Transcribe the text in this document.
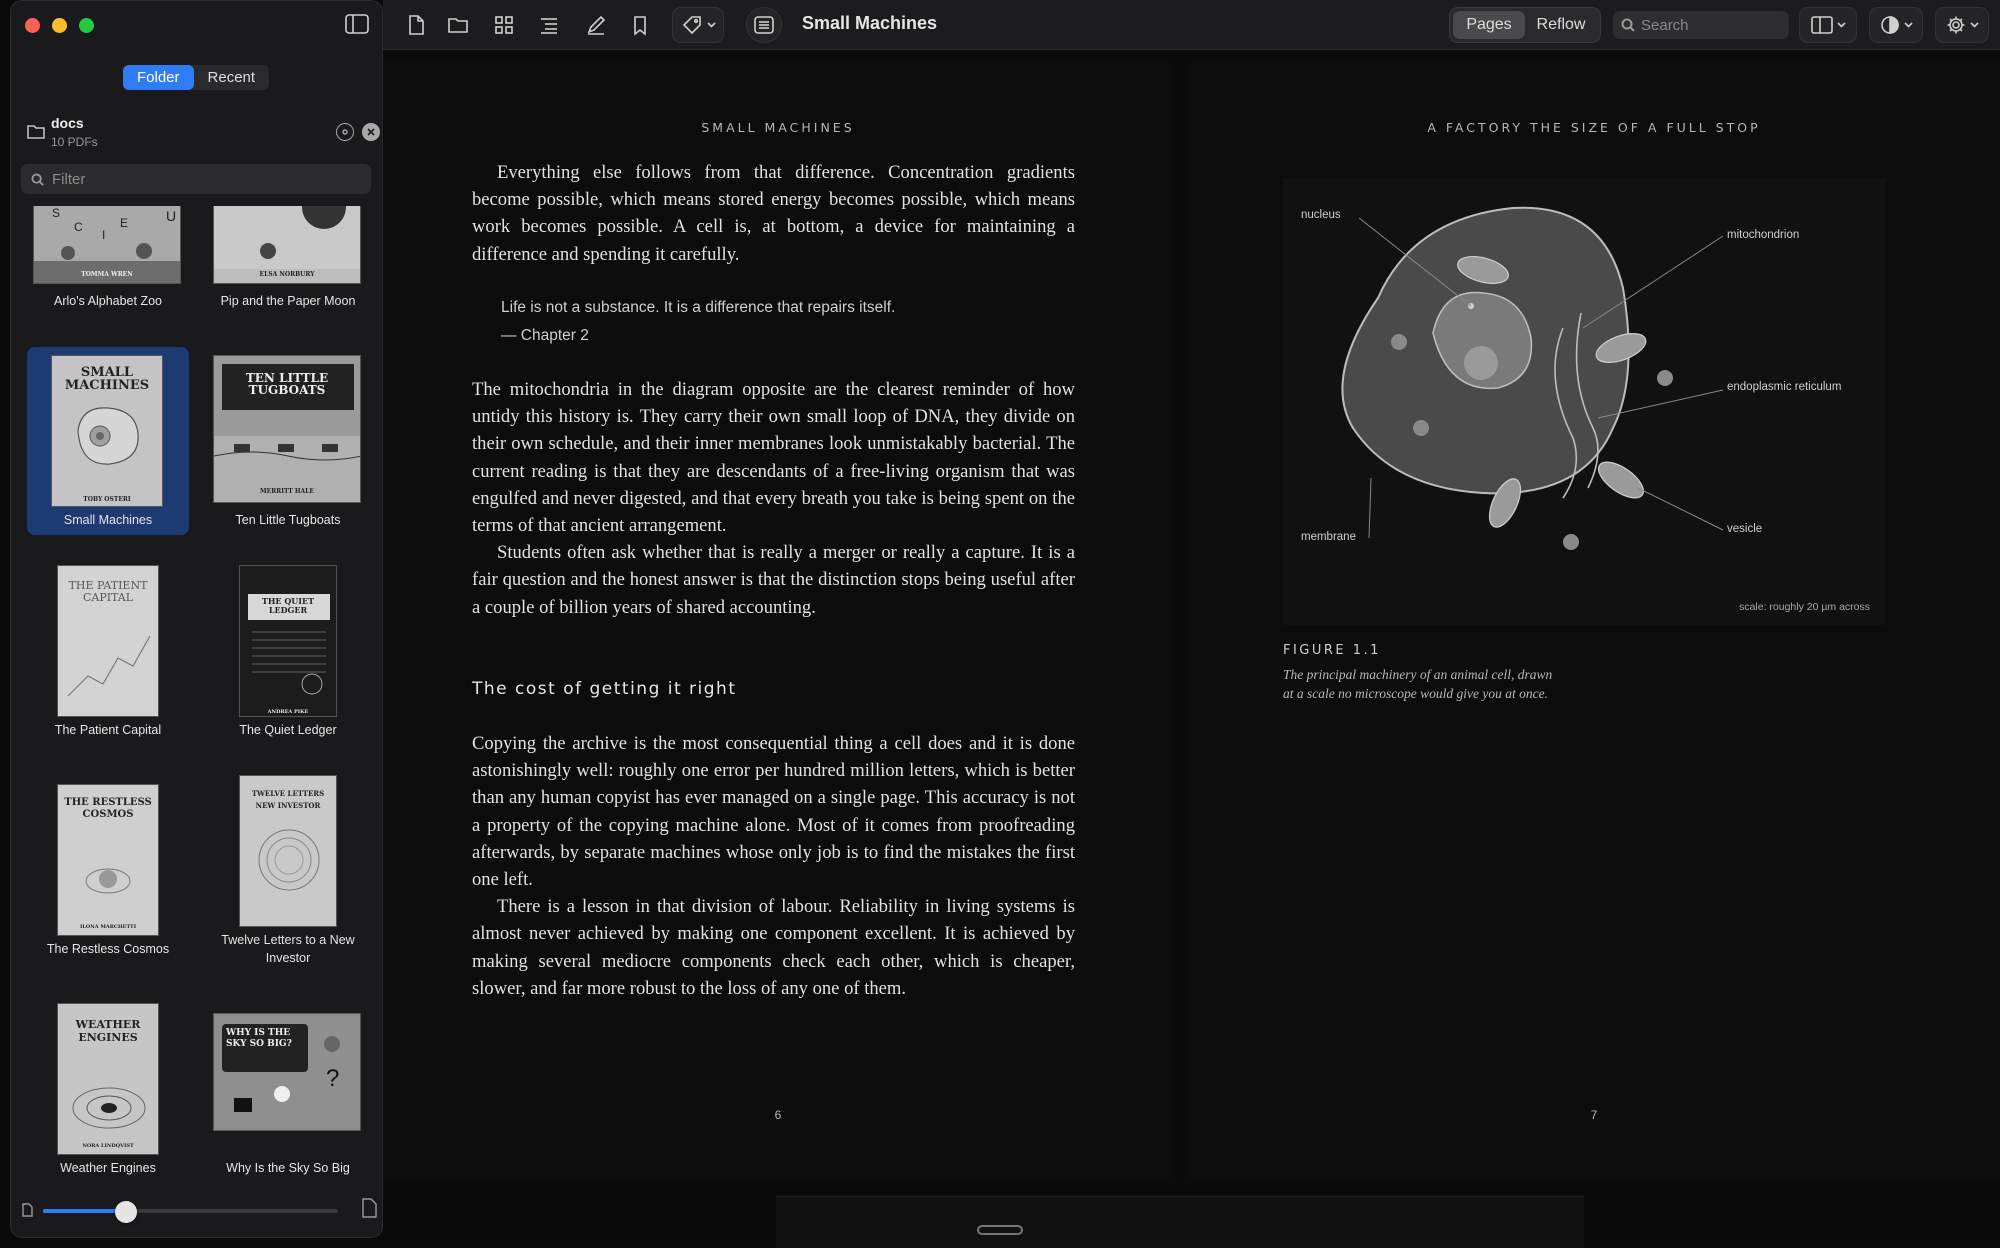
Folder	Recent
docs
10 PDFs
Filter
S
C
I
E	U
TOMMA WREN
Arlo's Alphabet Zoo
ELSA NORBURY
Pip and the Paper Moon
SMALL MACHINES
TOBY OSTERI
Small Machines
TEN LITTLE TUGBOATS
MERRITT HALE
Ten Little Tugboats
THE PATIENT CAPITAL
The Patient Capital
THE QUIET LEDGER
ANDREA PIKE
The Quiet Ledger
THE RESTLESS COSMOS
ILONA MARCHETTI
The Restless Cosmos
TWELVE LETTERS NEW INVESTOR
Twelve Letters to a New Investor
WEATHER ENGINES
NORA LINDQVIST
Weather Engines
WHY IS THE SKY SO BIG?
?
Why Is the Sky So Big
Small Machines	Pages	Reflow
Search
SMALL MACHINES

Everything else follows from that difference. Concentration gradients become possible, which means stored energy becomes possible, which means work becomes possible. A cell is, at bottom, a device for maintaining a difference and spending it carefully.

Life is not a substance. It is a difference that repairs itself.
— Chapter 2

The mitochondria in the diagram opposite are the clearest reminder of how untidy this history is. They carry their own small loop of DNA, they divide on their own schedule, and their inner membranes look unmistakably bacterial. The current reading is that they are descendants of a free-living organism that was engulfed and never digested, and that every breath you take is being spent on the terms of that ancient arrangement.

Students often ask whether that is really a merger or really a capture. It is a fair question and the honest answer is that the distinction stops being useful after a couple of billion years of shared accounting.

The cost of getting it right

Copying the archive is the most consequential thing a cell does and it is done astonishingly well: roughly one error per hundred million letters, which is better than any human copyist has ever managed on a single page. This accuracy is not a property of the copying machine alone. Most of it comes from proofreading afterwards, by separate machines whose only job is to find the mistakes the first one left.

There is a lesson in that division of labour. Reliability in living systems is almost never achieved by making one component excellent. It is achieved by making several mediocre components check each other, which is cheaper, slower, and far more robust to the loss of any one of them.

6
A FACTORY THE SIZE OF A FULL STOP
nucleus
mitochondrion
endoplasmic reticulum
membrane
vesicle
scale: roughly 20 µm across
FIGURE 1.1
The principal machinery of an animal cell, drawn
at a scale no microscope would give you at once.
7
